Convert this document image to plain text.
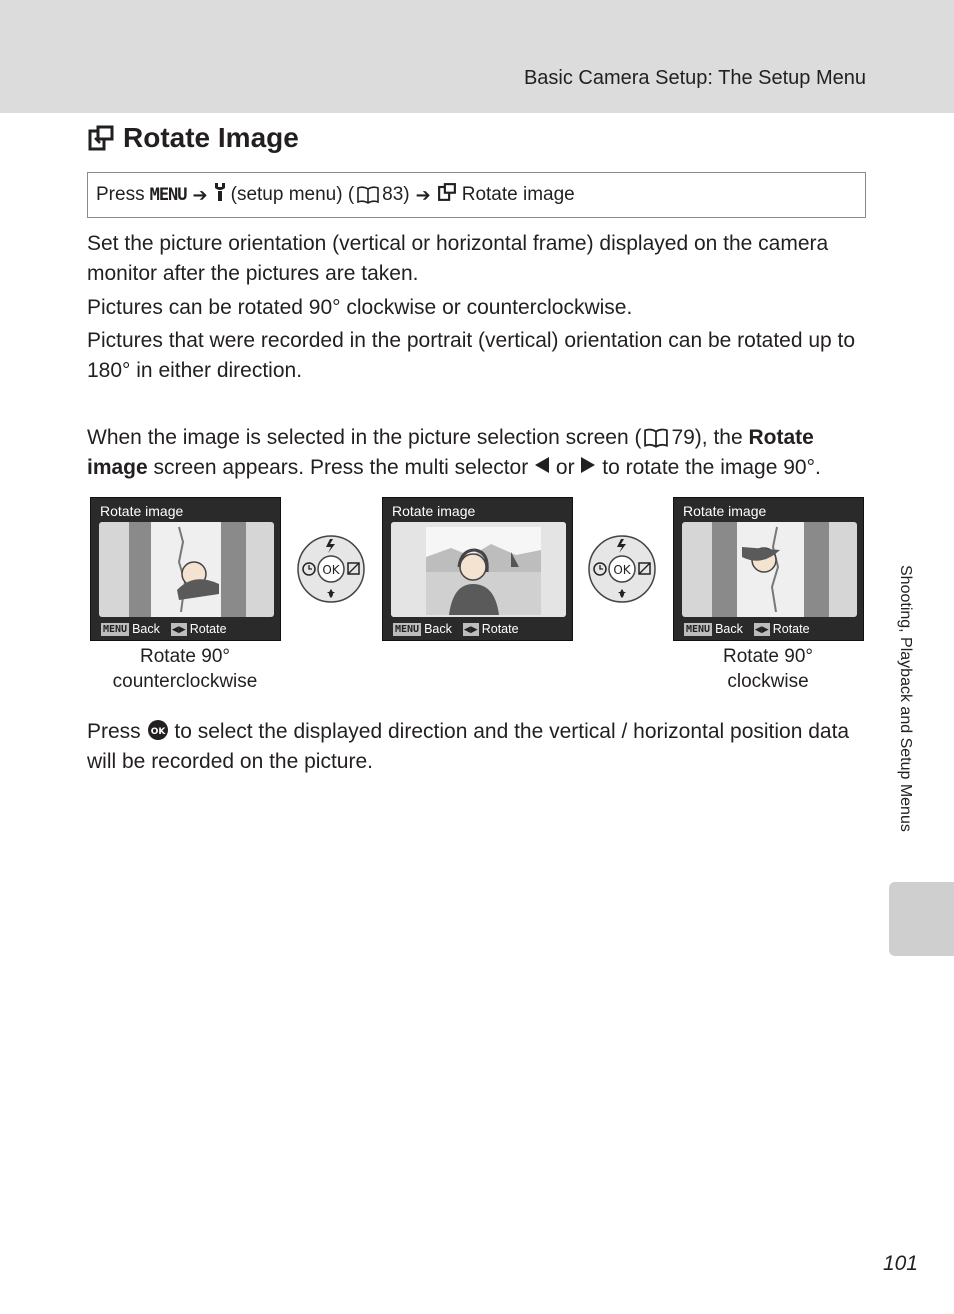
Basic Camera Setup: The Setup Menu
Rotate Image
Press MENU ➔ (setup menu) ( 83) ➔ Rotate image
Set the picture orientation (vertical or horizontal frame) displayed on the camera monitor after the pictures are taken.
Pictures can be rotated 90° clockwise or counterclockwise.
Pictures that were recorded in the portrait (vertical) orientation can be rotated up to 180° in either direction.
When the image is selected in the picture selection screen ( 79), the Rotate image screen appears. Press the multi selector or to rotate the image 90°.
Rotate image
MENU Back ◀▶ Rotate
OK
Rotate image
MENU Back ◀▶ Rotate
OK
Rotate image
MENU Back ◀▶ Rotate
Rotate 90°
counterclockwise
Rotate 90°
clockwise
Press OK to select the displayed direction and the vertical / horizontal position data will be recorded on the picture.	Shooting, Playback and Setup Menus
101
